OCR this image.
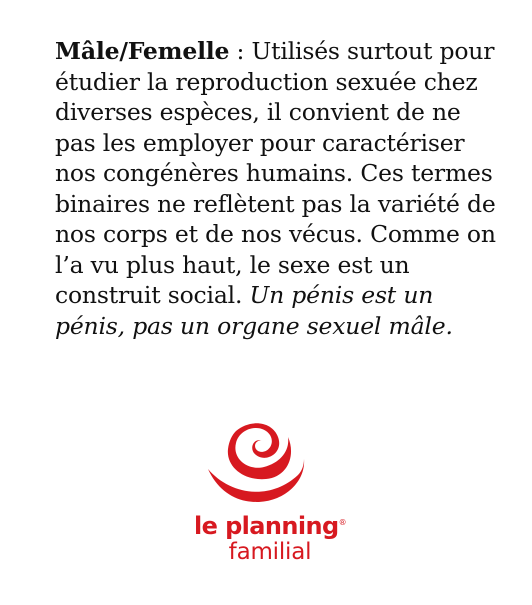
Mâle/Femelle : Utilisés surtout pour étudier la reproduction sexuée chez diverses espèces, il convient de ne pas les employer pour caractériser nos congénères humains. Ces termes binaires ne reflètent pas la variété de nos corps et de nos vécus. Comme on l’a vu plus haut, le sexe est un construit social. Un pénis est un pénis, pas un organe sexuel mâle.
le planning®
familial
